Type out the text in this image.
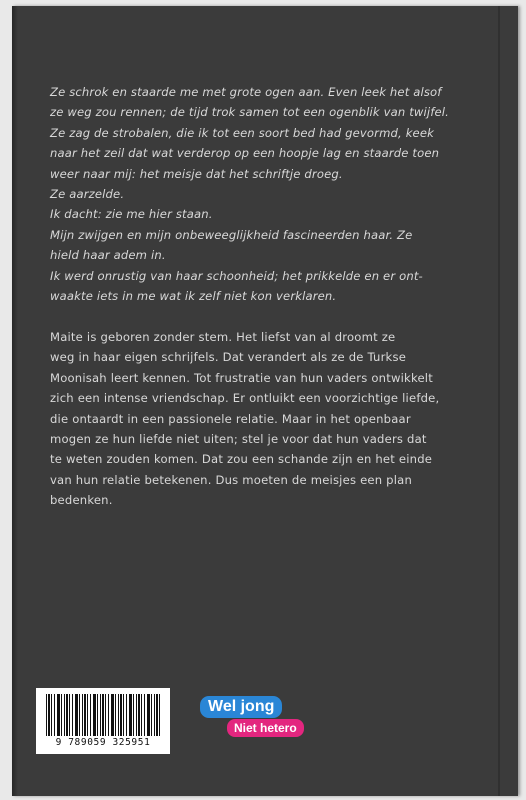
Ze schrok en staarde me met grote ogen aan. Even leek het alsof
ze weg zou rennen; de tijd trok samen tot een ogenblik van twijfel.
Ze zag de strobalen, die ik tot een soort bed had gevormd, keek
naar het zeil dat wat verderop op een hoopje lag en staarde toen
weer naar mij: het meisje dat het schriftje droeg.
Ze aarzelde.
Ik dacht: zie me hier staan.
Mijn zwijgen en mijn onbeweeglijkheid fascineerden haar. Ze
hield haar adem in.
Ik werd onrustig van haar schoonheid; het prikkelde en er ont-
waakte iets in me wat ik zelf niet kon verklaren.
Maite is geboren zonder stem. Het liefst van al droomt ze
weg in haar eigen schrijfels. Dat verandert als ze de Turkse
Moonisah leert kennen. Tot frustratie van hun vaders ontwikkelt
zich een intense vriendschap. Er ontluikt een voorzichtige liefde,
die ontaardt in een passionele relatie. Maar in het openbaar
mogen ze hun liefde niet uiten; stel je voor dat hun vaders dat
te weten zouden komen. Dat zou een schande zijn en het einde
van hun relatie betekenen. Dus moeten de meisjes een plan
bedenken.
9 789059 325951
Wel jong
Niet hetero
